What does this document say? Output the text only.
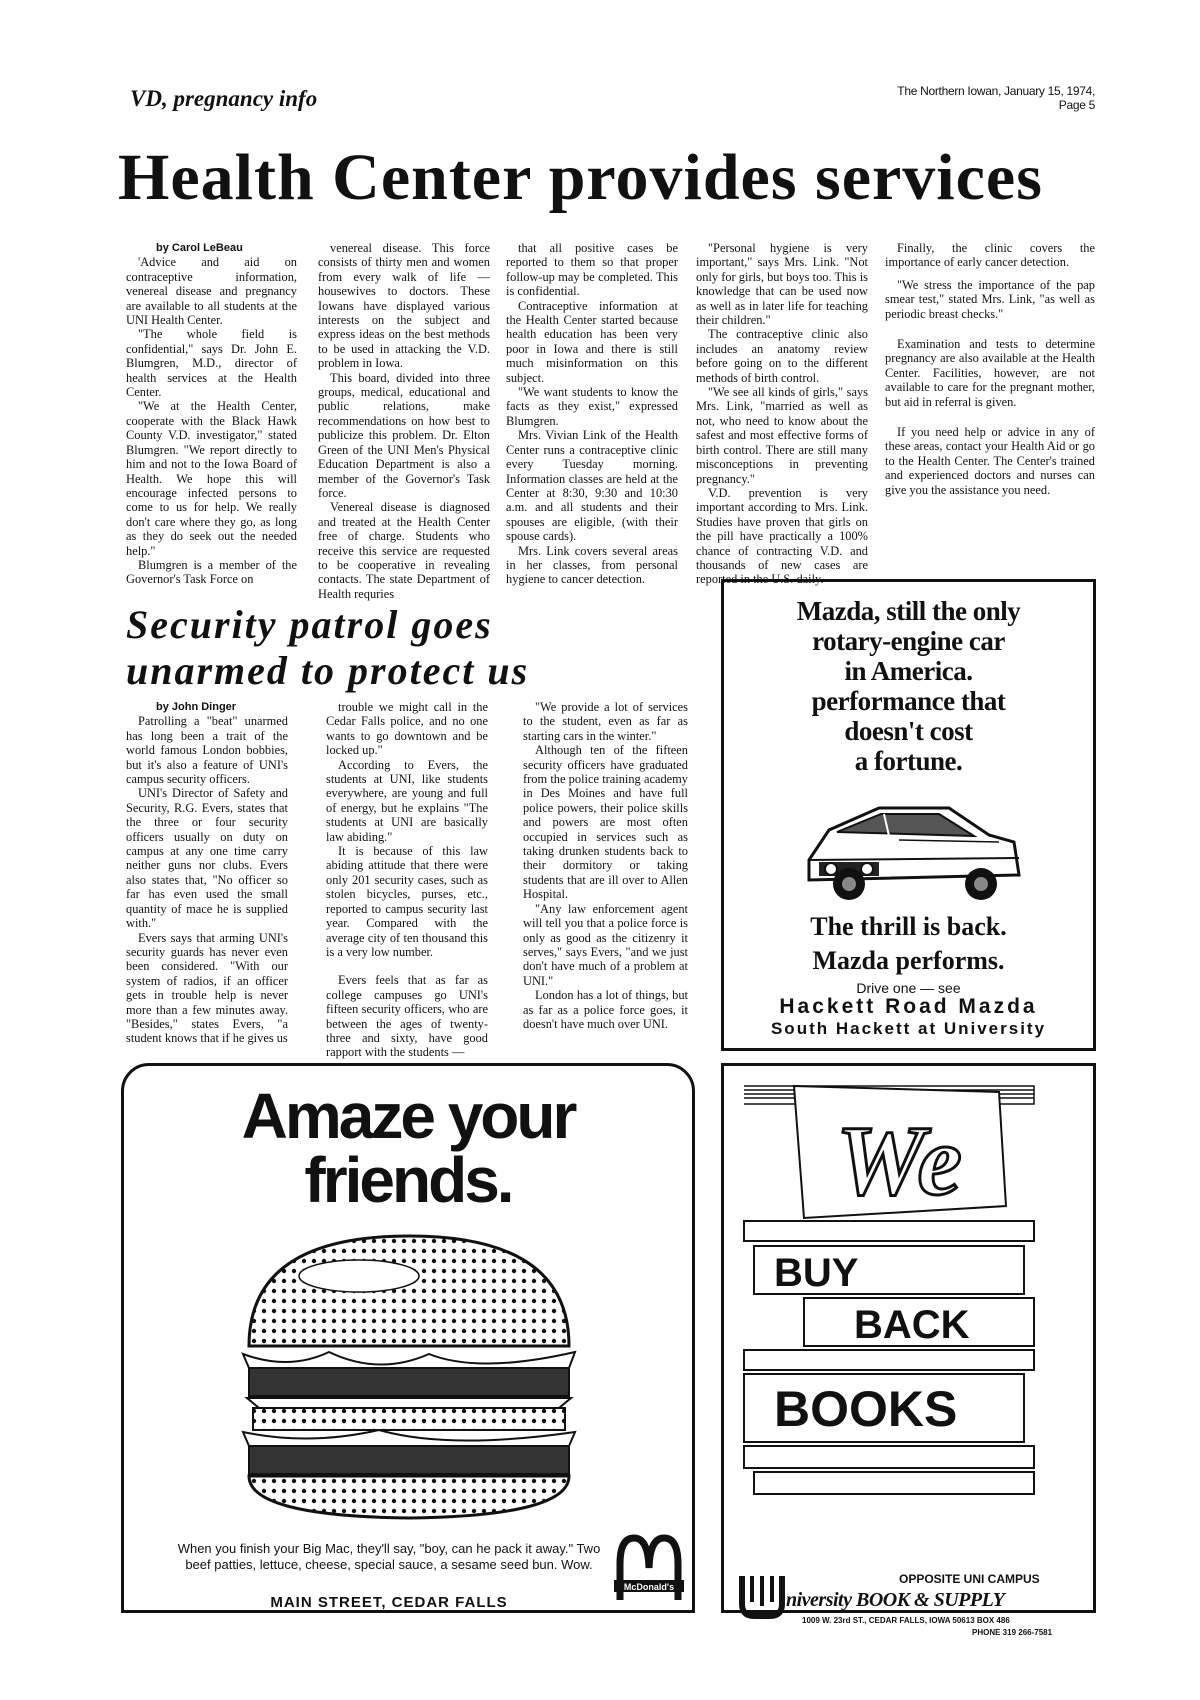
VD, pregnancy info	The Northern Iowan, January 15, 1974, Page 5
Health Center provides services

by Carol LeBeau

'Advice and aid on contraceptive information, venereal disease and pregnancy are available to all students at the UNI Health Center.

"The whole field is confidential," says Dr. John E. Blumgren, M.D., director of health services at the Health Center.

"We at the Health Center, cooperate with the Black Hawk County V.D. investigator," stated Blumgren. "We report directly to him and not to the Iowa Board of Health. We hope this will encourage infected persons to come to us for help. We really don't care where they go, as long as they do seek out the needed help."

Blumgren is a member of the Governor's Task Force on

venereal disease. This force consists of thirty men and women from every walk of life — housewives to doctors. These Iowans have displayed various interests on the subject and express ideas on the best methods to be used in attacking the V.D. problem in Iowa.

This board, divided into three groups, medical, educational and public relations, make recommendations on how best to publicize this problem. Dr. Elton Green of the UNI Men's Physical Education Department is also a member of the Governor's Task force.

Venereal disease is diagnosed and treated at the Health Center free of charge. Students who receive this service are requested to be cooperative in revealing contacts. The state Department of Health requries

that all positive cases be reported to them so that proper follow-up may be completed. This is confidential.

Contraceptive information at the Health Center started because health education has been very poor in Iowa and there is still much misinformation on this subject.

"We want students to know the facts as they exist," expressed Blumgren.

Mrs. Vivian Link of the Health Center runs a contraceptive clinic every Tuesday morning. Information classes are held at the Center at 8:30, 9:30 and 10:30 a.m. and all students and their spouses are eligible, (with their spouse cards).

Mrs. Link covers several areas in her classes, from personal hygiene to cancer detection.

"Personal hygiene is very important," says Mrs. Link. "Not only for girls, but boys too. This is knowledge that can be used now as well as in later life for teaching their children."

The contraceptive clinic also includes an anatomy review before going on to the different methods of birth control.

"We see all kinds of girls," says Mrs. Link, "married as well as not, who need to know about the safest and most effective forms of birth control. There are still many misconceptions in preventing pregnancy."

V.D. prevention is very important according to Mrs. Link. Studies have proven that girls on the pill have practically a 100% chance of contracting V.D. and thousands of new cases are reported in the U.S. daily.

Finally, the clinic covers the importance of early cancer detection.

"We stress the importance of the pap smear test," stated Mrs. Link, "as well as periodic breast checks."

Examination and tests to determine pregnancy are also available at the Health Center. Facilities, however, are not available to care for the pregnant mother, but aid in referral is given.

If you need help or advice in any of these areas, contact your Health Aid or go to the Health Center. The Center's trained and experienced doctors and nurses can give you the assistance you need.

Security patrol goes
unarmed to protect us

by John Dinger

Patrolling a "beat" unarmed has long been a trait of the world famous London bobbies, but it's also a feature of UNI's campus security officers.

UNI's Director of Safety and Security, R.G. Evers, states that the three or four security officers usually on duty on campus at any one time carry neither guns nor clubs. Evers also states that, "No officer so far has even used the small quantity of mace he is supplied with."

Evers says that arming UNI's security guards has never even been considered. "With our system of radios, if an officer gets in trouble help is never more than a few minutes away. "Besides," states Evers, "a student knows that if he gives us

trouble we might call in the Cedar Falls police, and no one wants to go downtown and be locked up."

According to Evers, the students at UNI, like students everywhere, are young and full of energy, but he explains "The students at UNI are basically law abiding."

It is because of this law abiding attitude that there were only 201 security cases, such as stolen bicycles, purses, etc., reported to campus security last year. Compared with the average city of ten thousand this is a very low number.

Evers feels that as far as college campuses go UNI's fifteen security officers, who are between the ages of twenty-three and sixty, have good rapport with the students —

"We provide a lot of services to the student, even as far as starting cars in the winter."

Although ten of the fifteen security officers have graduated from the police training academy in Des Moines and have full police powers, their police skills and powers are most often occupied in services such as taking drunken students back to their dormitory or taking students that are ill over to Allen Hospital.

"Any law enforcement agent will tell you that a police force is only as good as the citizenry it serves," says Evers, "and we just don't have much of a problem at UNI."

London has a lot of things, but as far as a police force goes, it doesn't have much over UNI.

Mazda, still the only
rotary-engine car
in America.
performance that
doesn't cost
a fortune.
The thrill is back.
Mazda performs.
Drive one — see
Hackett Road Mazda
South Hackett at University
Amaze your
friends.
When you finish your Big Mac, they'll say, "boy, can he pack it away." Two beef patties, lettuce, cheese, special sauce, a sesame seed bun. Wow.
MAIN STREET, CEDAR FALLS
McDonald's
We
BUY
BACK
BOOKS
OPPOSITE UNI CAMPUS
niversity BOOK & SUPPLY
1009 W. 23rd ST., CEDAR FALLS, IOWA 50613 BOX 486
PHONE 319 266-7581
